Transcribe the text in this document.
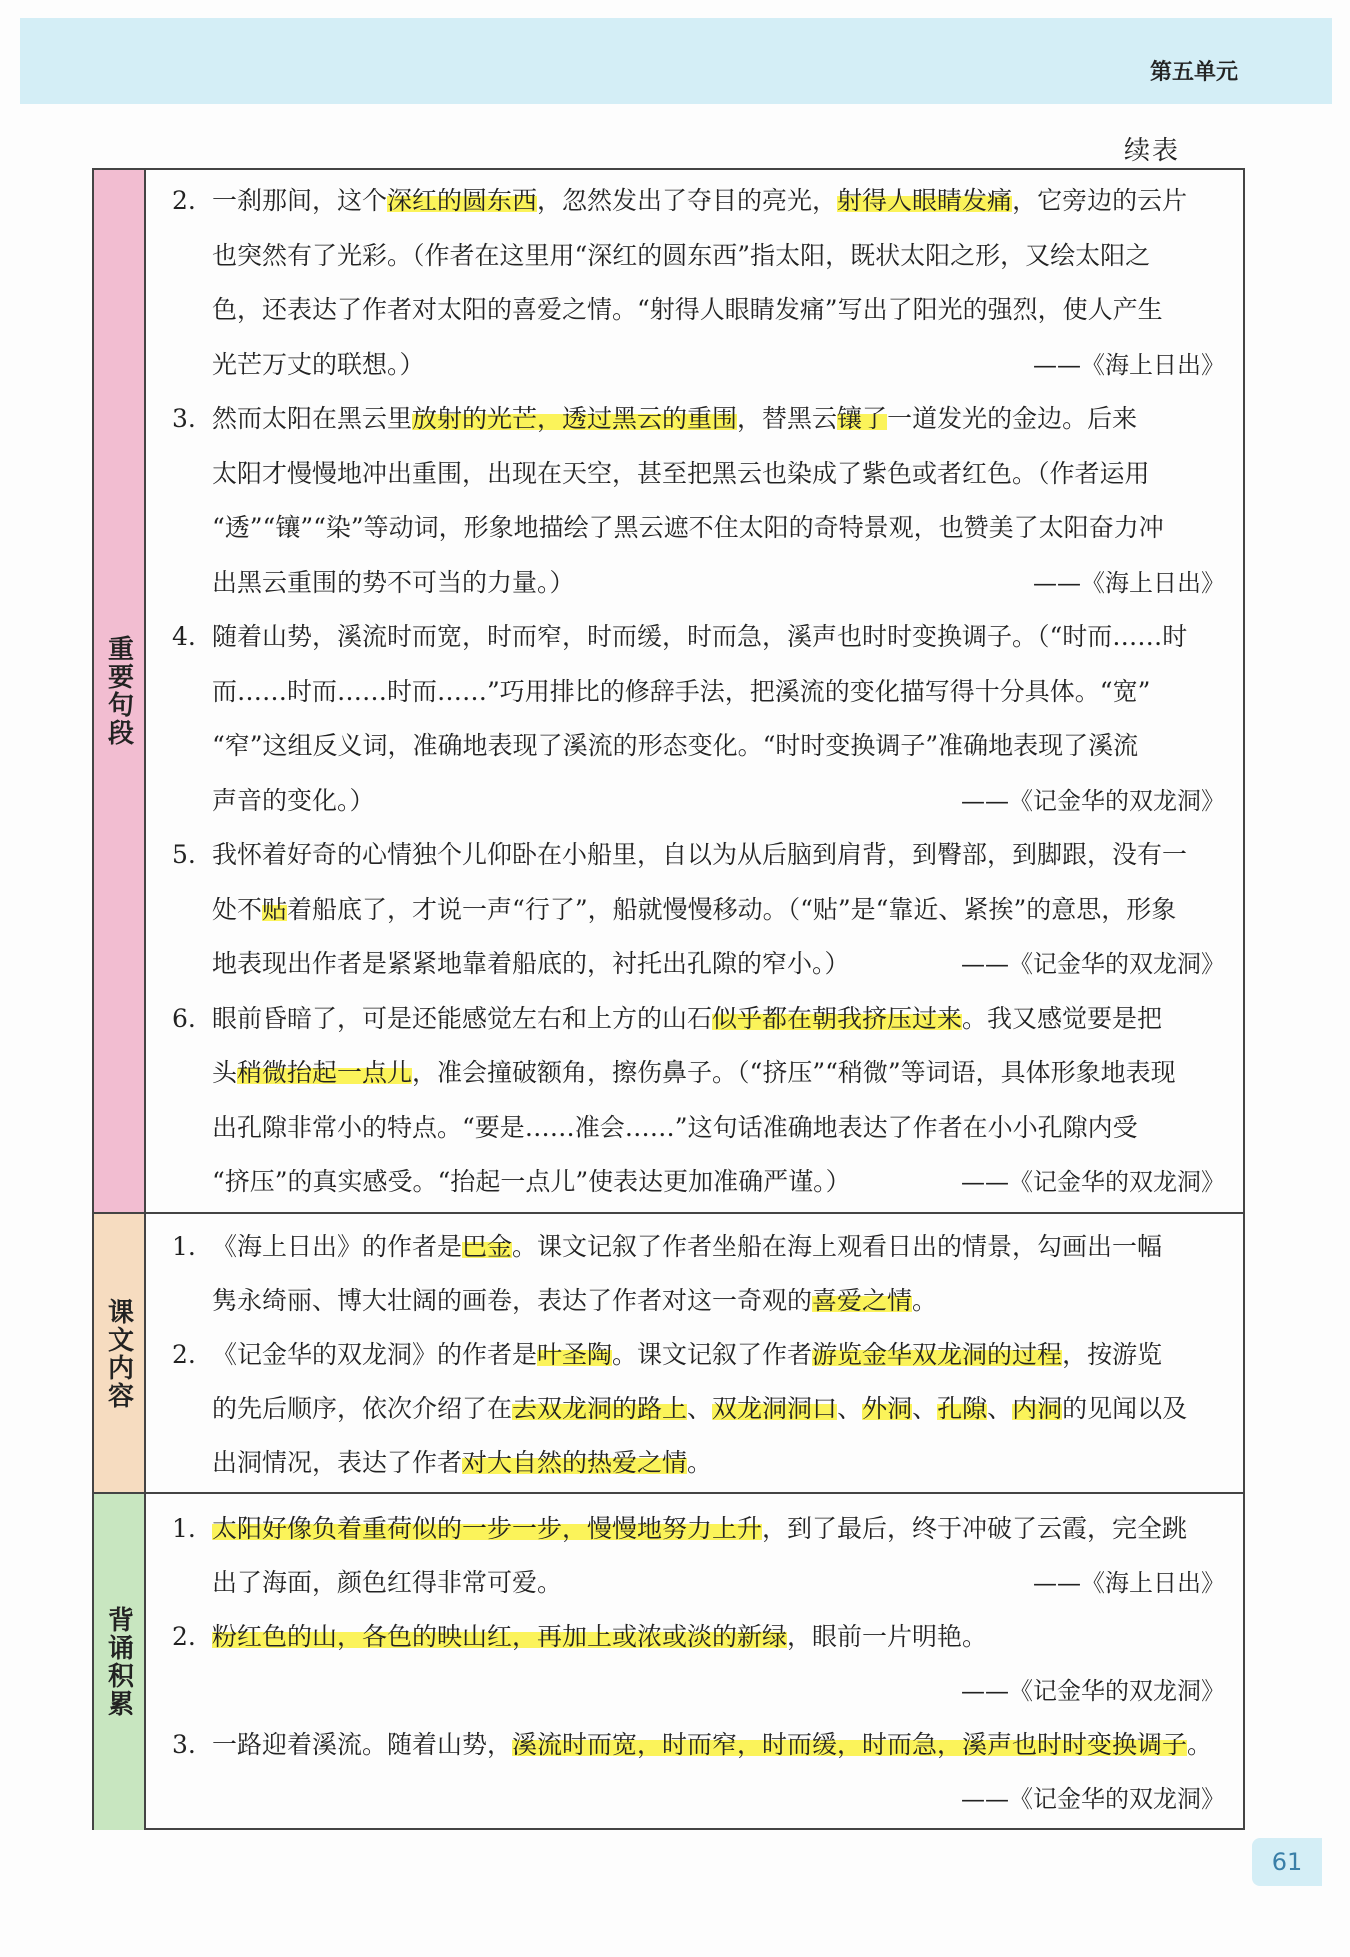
第五单元
续表
重要句段
2. 一刹那间，这个深红的圆东西，忽然发出了夺目的亮光，射得人眼睛发痛，它旁边的云片
也突然有了光彩。（作者在这里用“深红的圆东西”指太阳，既状太阳之形，又绘太阳之
色，还表达了作者对太阳的喜爱之情。“射得人眼睛发痛”写出了阳光的强烈，使人产生
光芒万丈的联想。）	——《海上日出》
3. 然而太阳在黑云里放射的光芒，透过黑云的重围，替黑云镶了一道发光的金边。后来
太阳才慢慢地冲出重围，出现在天空，甚至把黑云也染成了紫色或者红色。（作者运用
“透”“镶”“染”等动词，形象地描绘了黑云遮不住太阳的奇特景观，也赞美了太阳奋力冲
出黑云重围的势不可当的力量。）	——《海上日出》
4. 随着山势，溪流时而宽，时而窄，时而缓，时而急，溪声也时时变换调子。（“时而……时
而……时而……时而……”巧用排比的修辞手法，把溪流的变化描写得十分具体。“宽”
“窄”这组反义词，准确地表现了溪流的形态变化。“时时变换调子”准确地表现了溪流
声音的变化。）	——《记金华的双龙洞》
5. 我怀着好奇的心情独个儿仰卧在小船里，自以为从后脑到肩背，到臀部，到脚跟，没有一
处不贴着船底了，才说一声“行了”，船就慢慢移动。（“贴”是“靠近、紧挨”的意思，形象
地表现出作者是紧紧地靠着船底的，衬托出孔隙的窄小。）	——《记金华的双龙洞》
6. 眼前昏暗了，可是还能感觉左右和上方的山石似乎都在朝我挤压过来。我又感觉要是把
头稍微抬起一点儿，准会撞破额角，擦伤鼻子。（“挤压”“稍微”等词语，具体形象地表现
出孔隙非常小的特点。“要是……准会……”这句话准确地表达了作者在小小孔隙内受
“挤压”的真实感受。“抬起一点儿”使表达更加准确严谨。）	——《记金华的双龙洞》
课文内容
1. 《海上日出》的作者是巴金。课文记叙了作者坐船在海上观看日出的情景，勾画出一幅
隽永绮丽、博大壮阔的画卷，表达了作者对这一奇观的喜爱之情。
2. 《记金华的双龙洞》的作者是叶圣陶。课文记叙了作者游览金华双龙洞的过程，按游览
的先后顺序，依次介绍了在去双龙洞的路上、双龙洞洞口、外洞、孔隙、内洞的见闻以及
出洞情况，表达了作者对大自然的热爱之情。
背诵积累
1. 太阳好像负着重荷似的一步一步，慢慢地努力上升，到了最后，终于冲破了云霞，完全跳
出了海面，颜色红得非常可爱。	——《海上日出》
2. 粉红色的山，各色的映山红，再加上或浓或淡的新绿，眼前一片明艳。
——《记金华的双龙洞》
3. 一路迎着溪流。随着山势，溪流时而宽，时而窄，时而缓，时而急，溪声也时时变换调子。
——《记金华的双龙洞》
61
